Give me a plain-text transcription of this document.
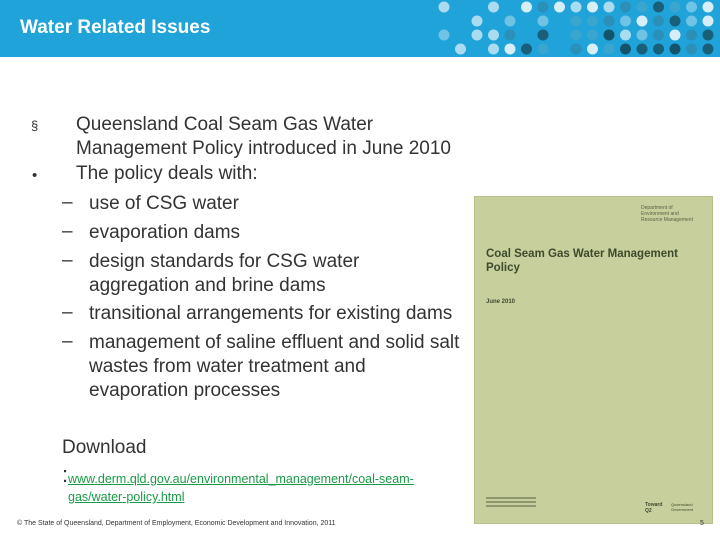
Water Related Issues
§ Queensland Coal Seam Gas Water
Management Policy introduced in June 2010
• The policy deals with:
– use of CSG water
– evaporation dams
– design standards for CSG water
aggregation and brine dams
– transitional arrangements for existing dams
– management of saline effluent and solid salt
wastes from water treatment and
evaporation processes
Department of Environment and Resource Management
Coal Seam Gas Water Management Policy
June 2010
Toward Q2
Queensland Government
Download
: www.derm.qld.gov.au/environmental_management/coal-seam-gas/water-policy.html
© The State of Queensland, Department of Employment, Economic Development and Innovation, 2011	5
